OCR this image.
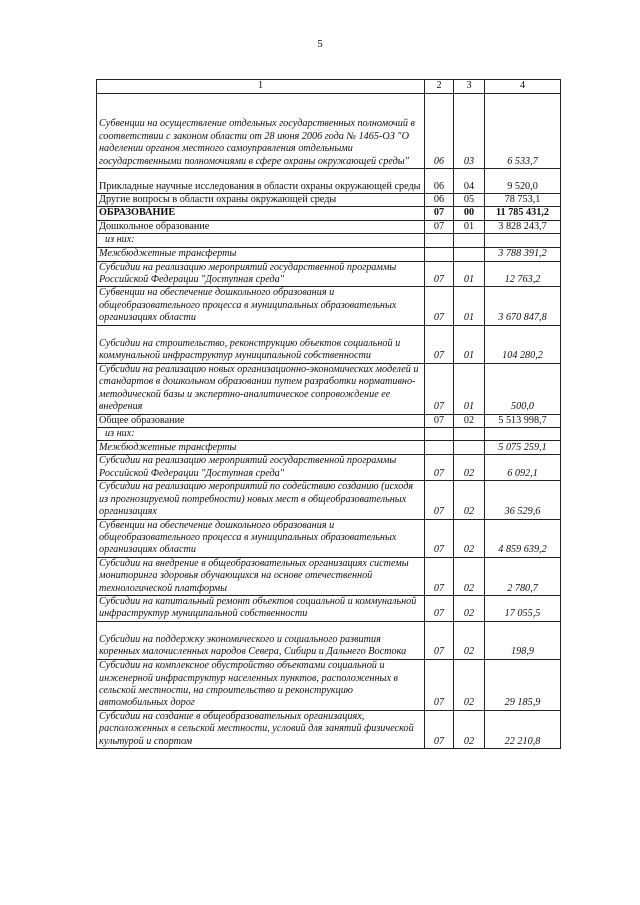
5
1	2	3	4
Субвенции на осуществление отдельных государственных полномочий в соответствии с законом области от 28 июня 2006 года № 1465-ОЗ "О наделении органов местного самоуправления отдельными государственными полномочиями в сфере охраны окружающей среды"	06	03	6 533,7
Прикладные научные исследования в области охраны окружающей среды	06	04	9 520,0
Другие вопросы в области охраны окружающей среды	06	05	78 753,1
ОБРАЗОВАНИЕ	07	00	11 785 431,2
Дошкольное образование	07	01	3 828 243,7
из них:			
Межбюджетные трансферты			3 788 391,2
Субсидии на реализацию мероприятий государственной программы Российской Федерации "Доступная среда"	07	01	12 763,2
Субвенции на обеспечение дошкольного образования и общеобразовательного процесса в муниципальных образовательных организациях области	07	01	3 670 847,8
Субсидии на строительство, реконструкцию объектов социальной и коммунальной инфраструктур муниципальной собственности	07	01	104 280,2
Субсидии на реализацию новых организационно-экономических моделей и стандартов в дошкольном образовании путем разработки нормативно-методической базы и экспертно-аналитическое сопровождение ее внедрения	07	01	500,0
Общее образование	07	02	5 513 998,7
из них:			
Межбюджетные трансферты			5 075 259,1
Субсидии на реализацию мероприятий государственной программы Российской Федерации "Доступная среда"	07	02	6 092,1
Субсидии на реализацию мероприятий по содействию созданию (исходя из прогнозируемой потребности) новых мест в общеобразовательных организациях	07	02	36 529,6
Субвенции на обеспечение дошкольного образования и общеобразовательного процесса в муниципальных образовательных организациях области	07	02	4 859 639,2
Субсидии на внедрение в общеобразовательных организациях системы мониторинга здоровья обучающихся на основе отечественной технологической платформы	07	02	2 780,7
Субсидии на капитальный ремонт объектов социальной и коммунальной инфраструктур муниципальной собственности	07	02	17 055,5
Субсидии на поддержку экономического и социального развития коренных малочисленных народов Севера, Сибири и Дальнего Востока	07	02	198,9
Субсидии на комплексное обустройство объектами социальной и инженерной инфраструктур населенных пунктов, расположенных в сельской местности, на строительство и реконструкцию автомобильных дорог	07	02	29 185,9
Субсидии на создание в общеобразовательных организациях, расположенных в сельской местности, условий для занятий физической культурой и спортом	07	02	22 210,8
